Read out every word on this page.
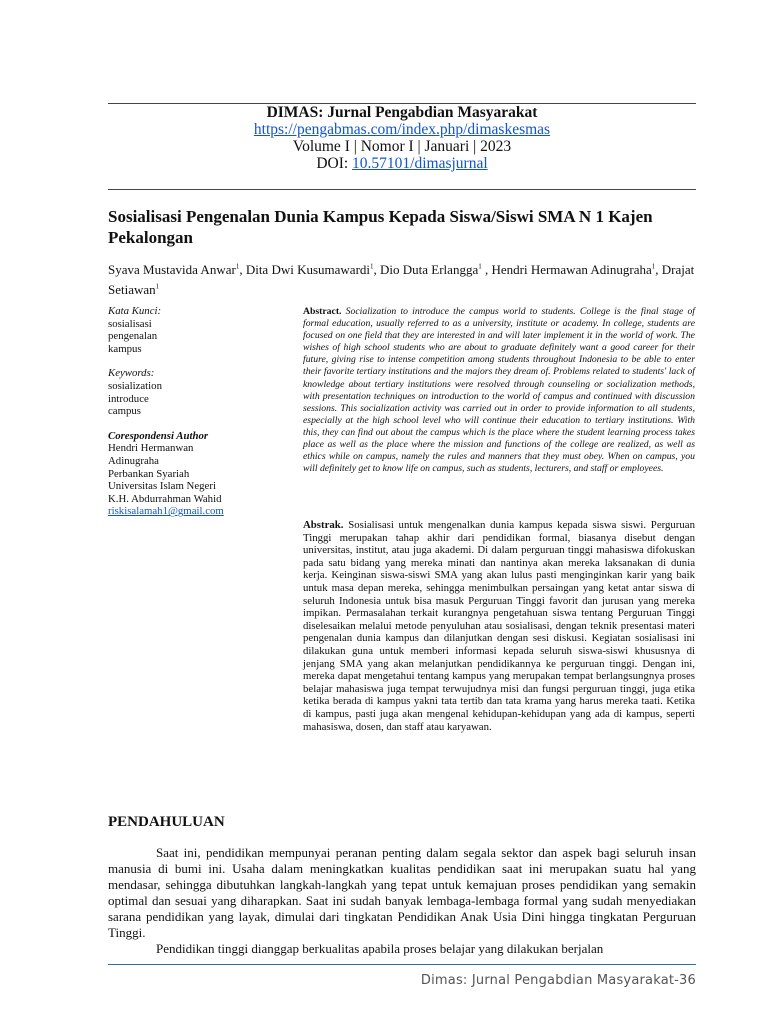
DIMAS: Jurnal Pengabdian Masyarakat
https://pengabmas.com/index.php/dimaskesmas
Volume I | Nomor I | Januari | 2023
DOI: 10.57101/dimasjurnal
Sosialisasi Pengenalan Dunia Kampus Kepada Siswa/Siswi SMA N 1 Kajen Pekalongan
Syava Mustavida Anwar$^1$, Dita Dwi Kusumawardi$^1$, Dio Duta Erlangga$^1$ , Hendri Hermawan Adinugraha$^1$, Drajat Setiawan$^1$
Kata Kunci:
sosialisasi
pengenalan
kampus
Keywords:
sosialization
introduce
campus
Corespondensi Author
Hendri Hermanwan
Adinugraha
Perbankan Syariah
Universitas Islam Negeri
K.H. Abdurrahman Wahid
riskisalamah1@gmail.com
Abstract. Socialization to introduce the campus world to students. College is the final stage of formal education, usually referred to as a university, institute or academy. In college, students are focused on one field that they are interested in and will later implement it in the world of work. The wishes of high school students who are about to graduate definitely want a good career for their future, giving rise to intense competition among students throughout Indonesia to be able to enter their favorite tertiary institutions and the majors they dream of. Problems related to students' lack of knowledge about tertiary institutions were resolved through counseling or socialization methods, with presentation techniques on introduction to the world of campus and continued with discussion sessions. This socialization activity was carried out in order to provide information to all students, especially at the high school level who will continue their education to tertiary institutions. With this, they can find out about the campus which is the place where the student learning process takes place as well as the place where the mission and functions of the college are realized, as well as ethics while on campus, namely the rules and manners that they must obey. When on campus, you will definitely get to know life on campus, such as students, lecturers, and staff or employees.
Abstrak. Sosialisasi untuk mengenalkan dunia kampus kepada siswa siswi. Perguruan Tinggi merupakan tahap akhir dari pendidikan formal, biasanya disebut dengan universitas, institut, atau juga akademi. Di dalam perguruan tinggi mahasiswa difokuskan pada satu bidang yang mereka minati dan nantinya akan mereka laksanakan di dunia kerja. Keinginan siswa-siswi SMA yang akan lulus pasti menginginkan karir yang baik untuk masa depan mereka, sehingga menimbulkan persaingan yang ketat antar siswa di seluruh Indonesia untuk bisa masuk Perguruan Tinggi favorit dan jurusan yang mereka impikan. Permasalahan terkait kurangnya pengetahuan siswa tentang Perguruan Tinggi diselesaikan melalui metode penyuluhan atau sosialisasi, dengan teknik presentasi materi pengenalan dunia kampus dan dilanjutkan dengan sesi diskusi. Kegiatan sosialisasi ini dilakukan guna untuk memberi informasi kepada seluruh siswa-siswi khususnya di jenjang SMA yang akan melanjutkan pendidikannya ke perguruan tinggi. Dengan ini, mereka dapat mengetahui tentang kampus yang merupakan tempat berlangsungnya proses belajar mahasiswa juga tempat terwujudnya misi dan fungsi perguruan tinggi, juga etika ketika berada di kampus yakni tata tertib dan tata krama yang harus mereka taati. Ketika di kampus, pasti juga akan mengenal kehidupan-kehidupan yang ada di kampus, seperti mahasiswa, dosen, dan staff atau karyawan.
PENDAHULUAN

Saat ini, pendidikan mempunyai peranan penting dalam segala sektor dan aspek bagi seluruh insan manusia di bumi ini. Usaha dalam meningkatkan kualitas pendidikan saat ini merupakan suatu hal yang mendasar, sehingga dibutuhkan langkah-langkah yang tepat untuk kemajuan proses pendidikan yang semakin optimal dan sesuai yang diharapkan. Saat ini sudah banyak lembaga-lembaga formal yang sudah menyediakan sarana pendidikan yang layak, dimulai dari tingkatan Pendidikan Anak Usia Dini hingga tingkatan Perguruan Tinggi.

Pendidikan tinggi dianggap berkualitas apabila proses belajar yang dilakukan berjalan

Dimas: Jurnal Pengabdian Masyarakat-36
